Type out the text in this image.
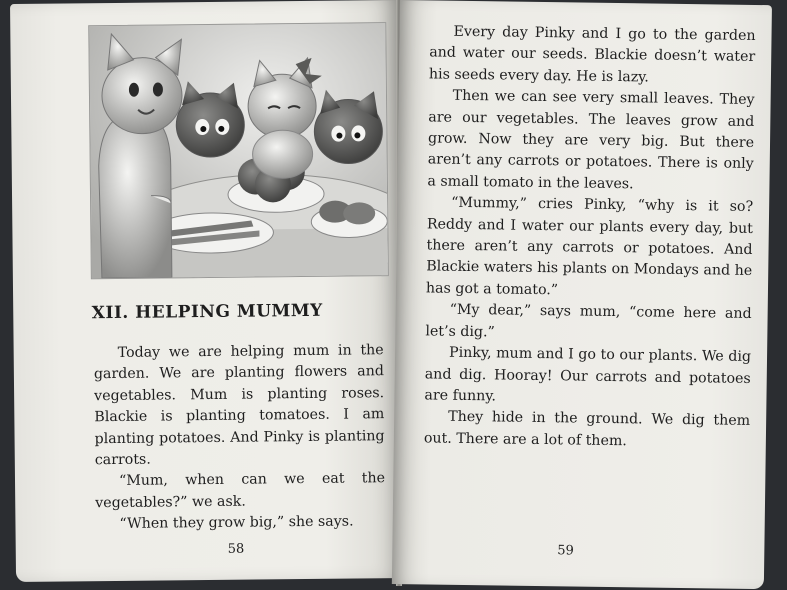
XII. HELPING MUMMY

Today we are helping mum in the garden. We are planting flowers and vegetables. Mum is planting roses. Blackie is planting tomatoes. I am planting potatoes. And Pinky is planting carrots.

“Mum, when can we eat the vegetables?” we ask.

“When they grow big,” she says.

58

Every day Pinky and I go to the garden and water our seeds. Blackie doesn’t water his seeds every day. He is lazy.

Then we can see very small leaves. They are our vegetables. The leaves grow and grow. Now they are very big. But there aren’t any carrots or potatoes. There is only a small tomato in the leaves.

“Mummy,” cries Pinky, “why is it so? Reddy and I water our plants every day, but there aren’t any carrots or potatoes. And Blackie waters his plants on Mondays and he has got a tomato.”

“My dear,” says mum, “come here and let’s dig.”

Pinky, mum and I go to our plants. We dig and dig. Hooray! Our carrots and potatoes are funny.

They hide in the ground. We dig them out. There are a lot of them.

59
